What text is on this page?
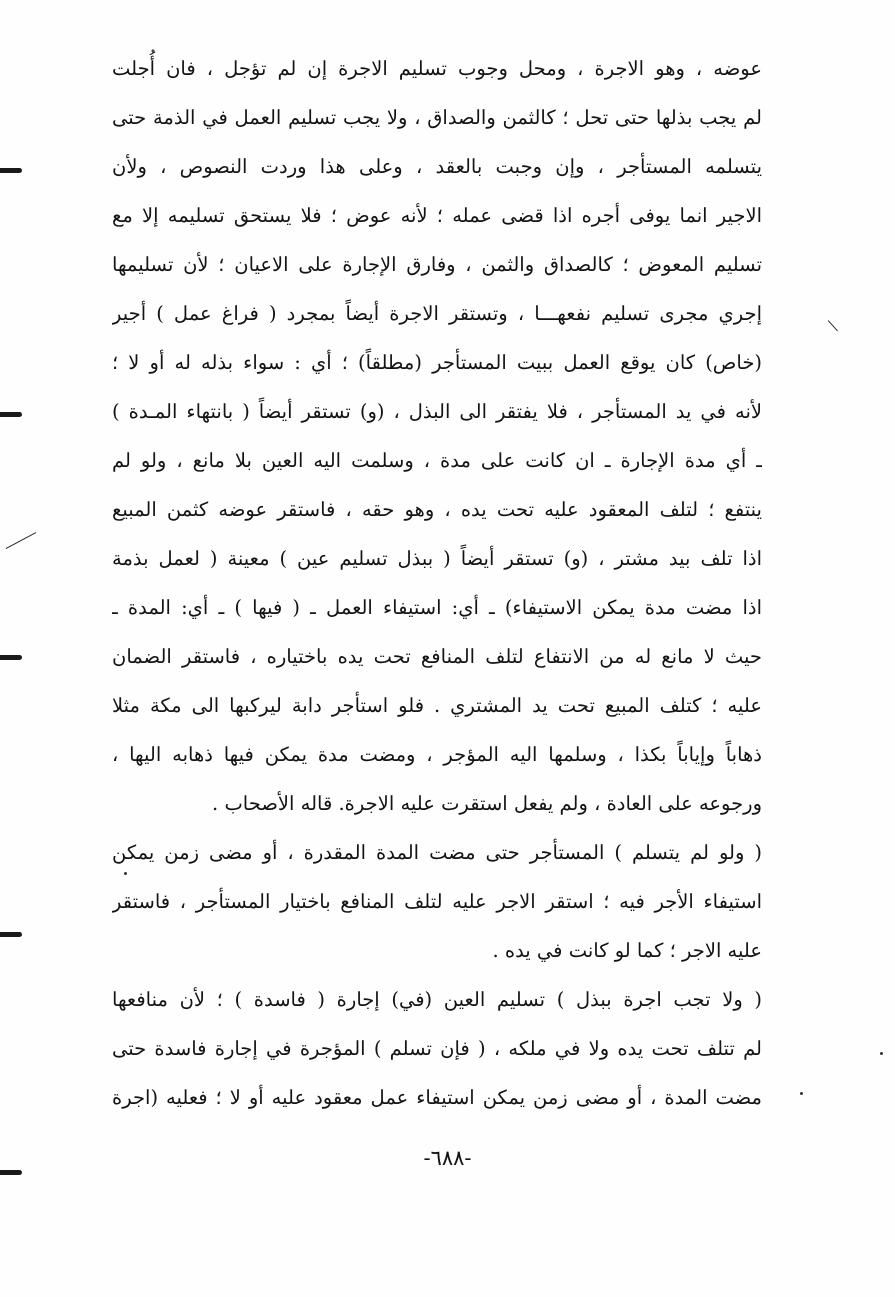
عوضه ، وهو الاجرة ، ومحل وجوب تسليم الاجرة إن لم تؤجل ، فان أُجلت
لم يجب بذلها حتى تحل ؛ كالثمن والصداق ، ولا يجب تسليم العمل في الذمة حتى
يتسلمه المستأجر ، وإن وجبت بالعقد ، وعلى هذا وردت النصوص ، ولأن
الاجير انما يوفى أجره اذا قضى عمله ؛ لأنه عوض ؛ فلا يستحق تسليمه إلا مع
تسليم المعوض ؛ كالصداق والثمن ، وفارق الإجارة على الاعيان ؛ لأن تسليمها
إجري مجرى تسليم نفعهـــا ، وتستقر الاجرة أيضاً بمجرد ( فراغ عمل ) أجير
(خاص) كان يوقع العمل ببيت المستأجر (مطلقاً) ؛ أي : سواء بذله له أو لا ؛
لأنه في يد المستأجر ، فلا يفتقر الى البذل ، (و) تستقر أيضاً ( بانتهاء المـدة )
ـ أي مدة الإجارة ـ ان كانت على مدة ، وسلمت اليه العين بلا مانع ، ولو لم
ينتفع ؛ لتلف المعقود عليه تحت يده ، وهو حقه ، فاستقر عوضه كثمن المبيع
اذا تلف بيد مشتر ، (و) تستقر أيضاً ( ببذل تسليم عين ) معينة ( لعمل بذمة
اذا مضت مدة يمكن الاستيفاء) ـ أي: استيفاء العمل ـ ( فيها ) ـ أي: المدة ـ
حيث لا مانع له من الانتفاع لتلف المنافع تحت يده باختياره ، فاستقر الضمان
عليه ؛ كتلف المبيع تحت يد المشتري . فلو استأجر دابة ليركبها الى مكة مثلا
ذهاباً وإياباً بكذا ، وسلمها اليه المؤجر ، ومضت مدة يمكن فيها ذهابه اليها ،
ورجوعه على العادة ، ولم يفعل استقرت عليه الاجرة. قاله الأصحاب .
( ولو لم يتسلم ) المستأجر حتى مضت المدة المقدرة ، أو مضى زمن يمكن
استيفاء الأجر فيه ؛ استقر الاجر عليه لتلف المنافع باختيار المستأجر ، فاستقر
عليه الاجر ؛ كما لو كانت في يده .
( ولا تجب اجرة ببذل ) تسليم العين (في) إجارة ( فاسدة ) ؛ لأن منافعها
لم تتلف تحت يده ولا في ملكه ، ( فإن تسلم ) المؤجرة في إجارة فاسدة حتى
مضت المدة ، أو مضى زمن يمكن استيفاء عمل معقود عليه أو لا ؛ فعليه (اجرة
-٦٨٨-
